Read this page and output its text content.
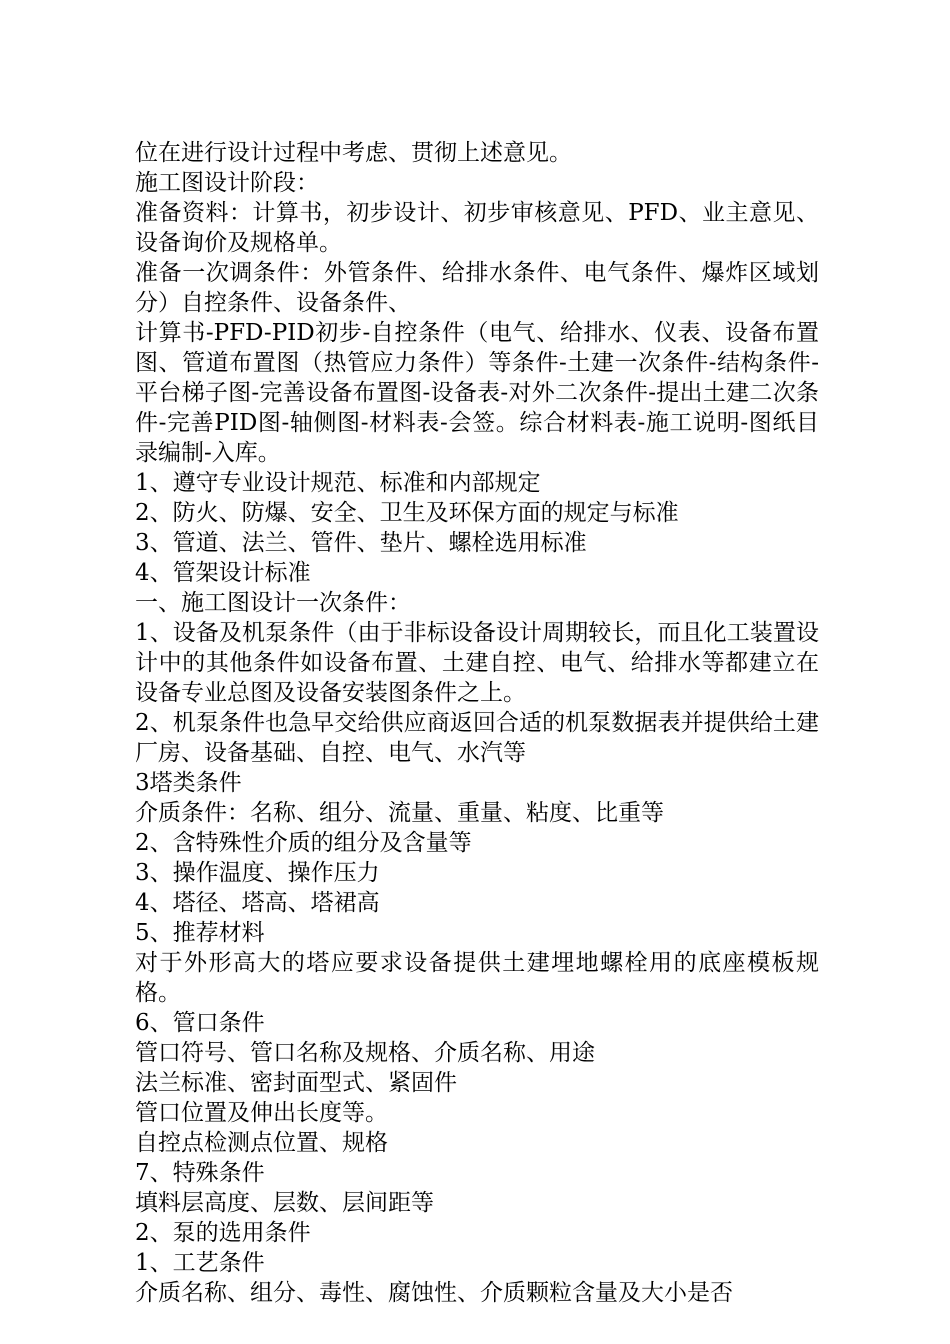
位在进行设计过程中考虑、贯彻上述意见。

施工图设计阶段：

准备资料：计算书，初步设计、初步审核意见、PFD、业主意见、设备询价及规格单。

准备一次调条件：外管条件、给排水条件、电气条件、爆炸区域划分）自控条件、设备条件、

计算书-PFD-PID初步-自控条件（电气、给排水、仪表、设备布置图、管道布置图（热管应力条件）等条件-土建一次条件-结构条件-平台梯子图-完善设备布置图-设备表-对外二次条件-提出土建二次条件-完善PID图-轴侧图-材料表-会签。综合材料表-施工说明-图纸目录编制-入库。

1、遵守专业设计规范、标准和内部规定

2、防火、防爆、安全、卫生及环保方面的规定与标准

3、管道、法兰、管件、垫片、螺栓选用标准

4、管架设计标准

一、施工图设计一次条件：

1、设备及机泵条件（由于非标设备设计周期较长，而且化工装置设计中的其他条件如设备布置、土建自控、电气、给排水等都建立在设备专业总图及设备安装图条件之上。

2、机泵条件也急早交给供应商返回合适的机泵数据表并提供给土建厂房、设备基础、自控、电气、水汽等

3塔类条件

介质条件：名称、组分、流量、重量、粘度、比重等

2、含特殊性介质的组分及含量等

3、操作温度、操作压力

4、塔径、塔高、塔裙高

5、推荐材料

对于外形高大的塔应要求设备提供土建埋地螺栓用的底座模板规格。

6、管口条件

管口符号、管口名称及规格、介质名称、用途

法兰标准、密封面型式、紧固件

管口位置及伸出长度等。

自控点检测点位置、规格

7、特殊条件

填料层高度、层数、层间距等

2、泵的选用条件

1、工艺条件

介质名称、组分、毒性、腐蚀性、介质颗粒含量及大小是否
